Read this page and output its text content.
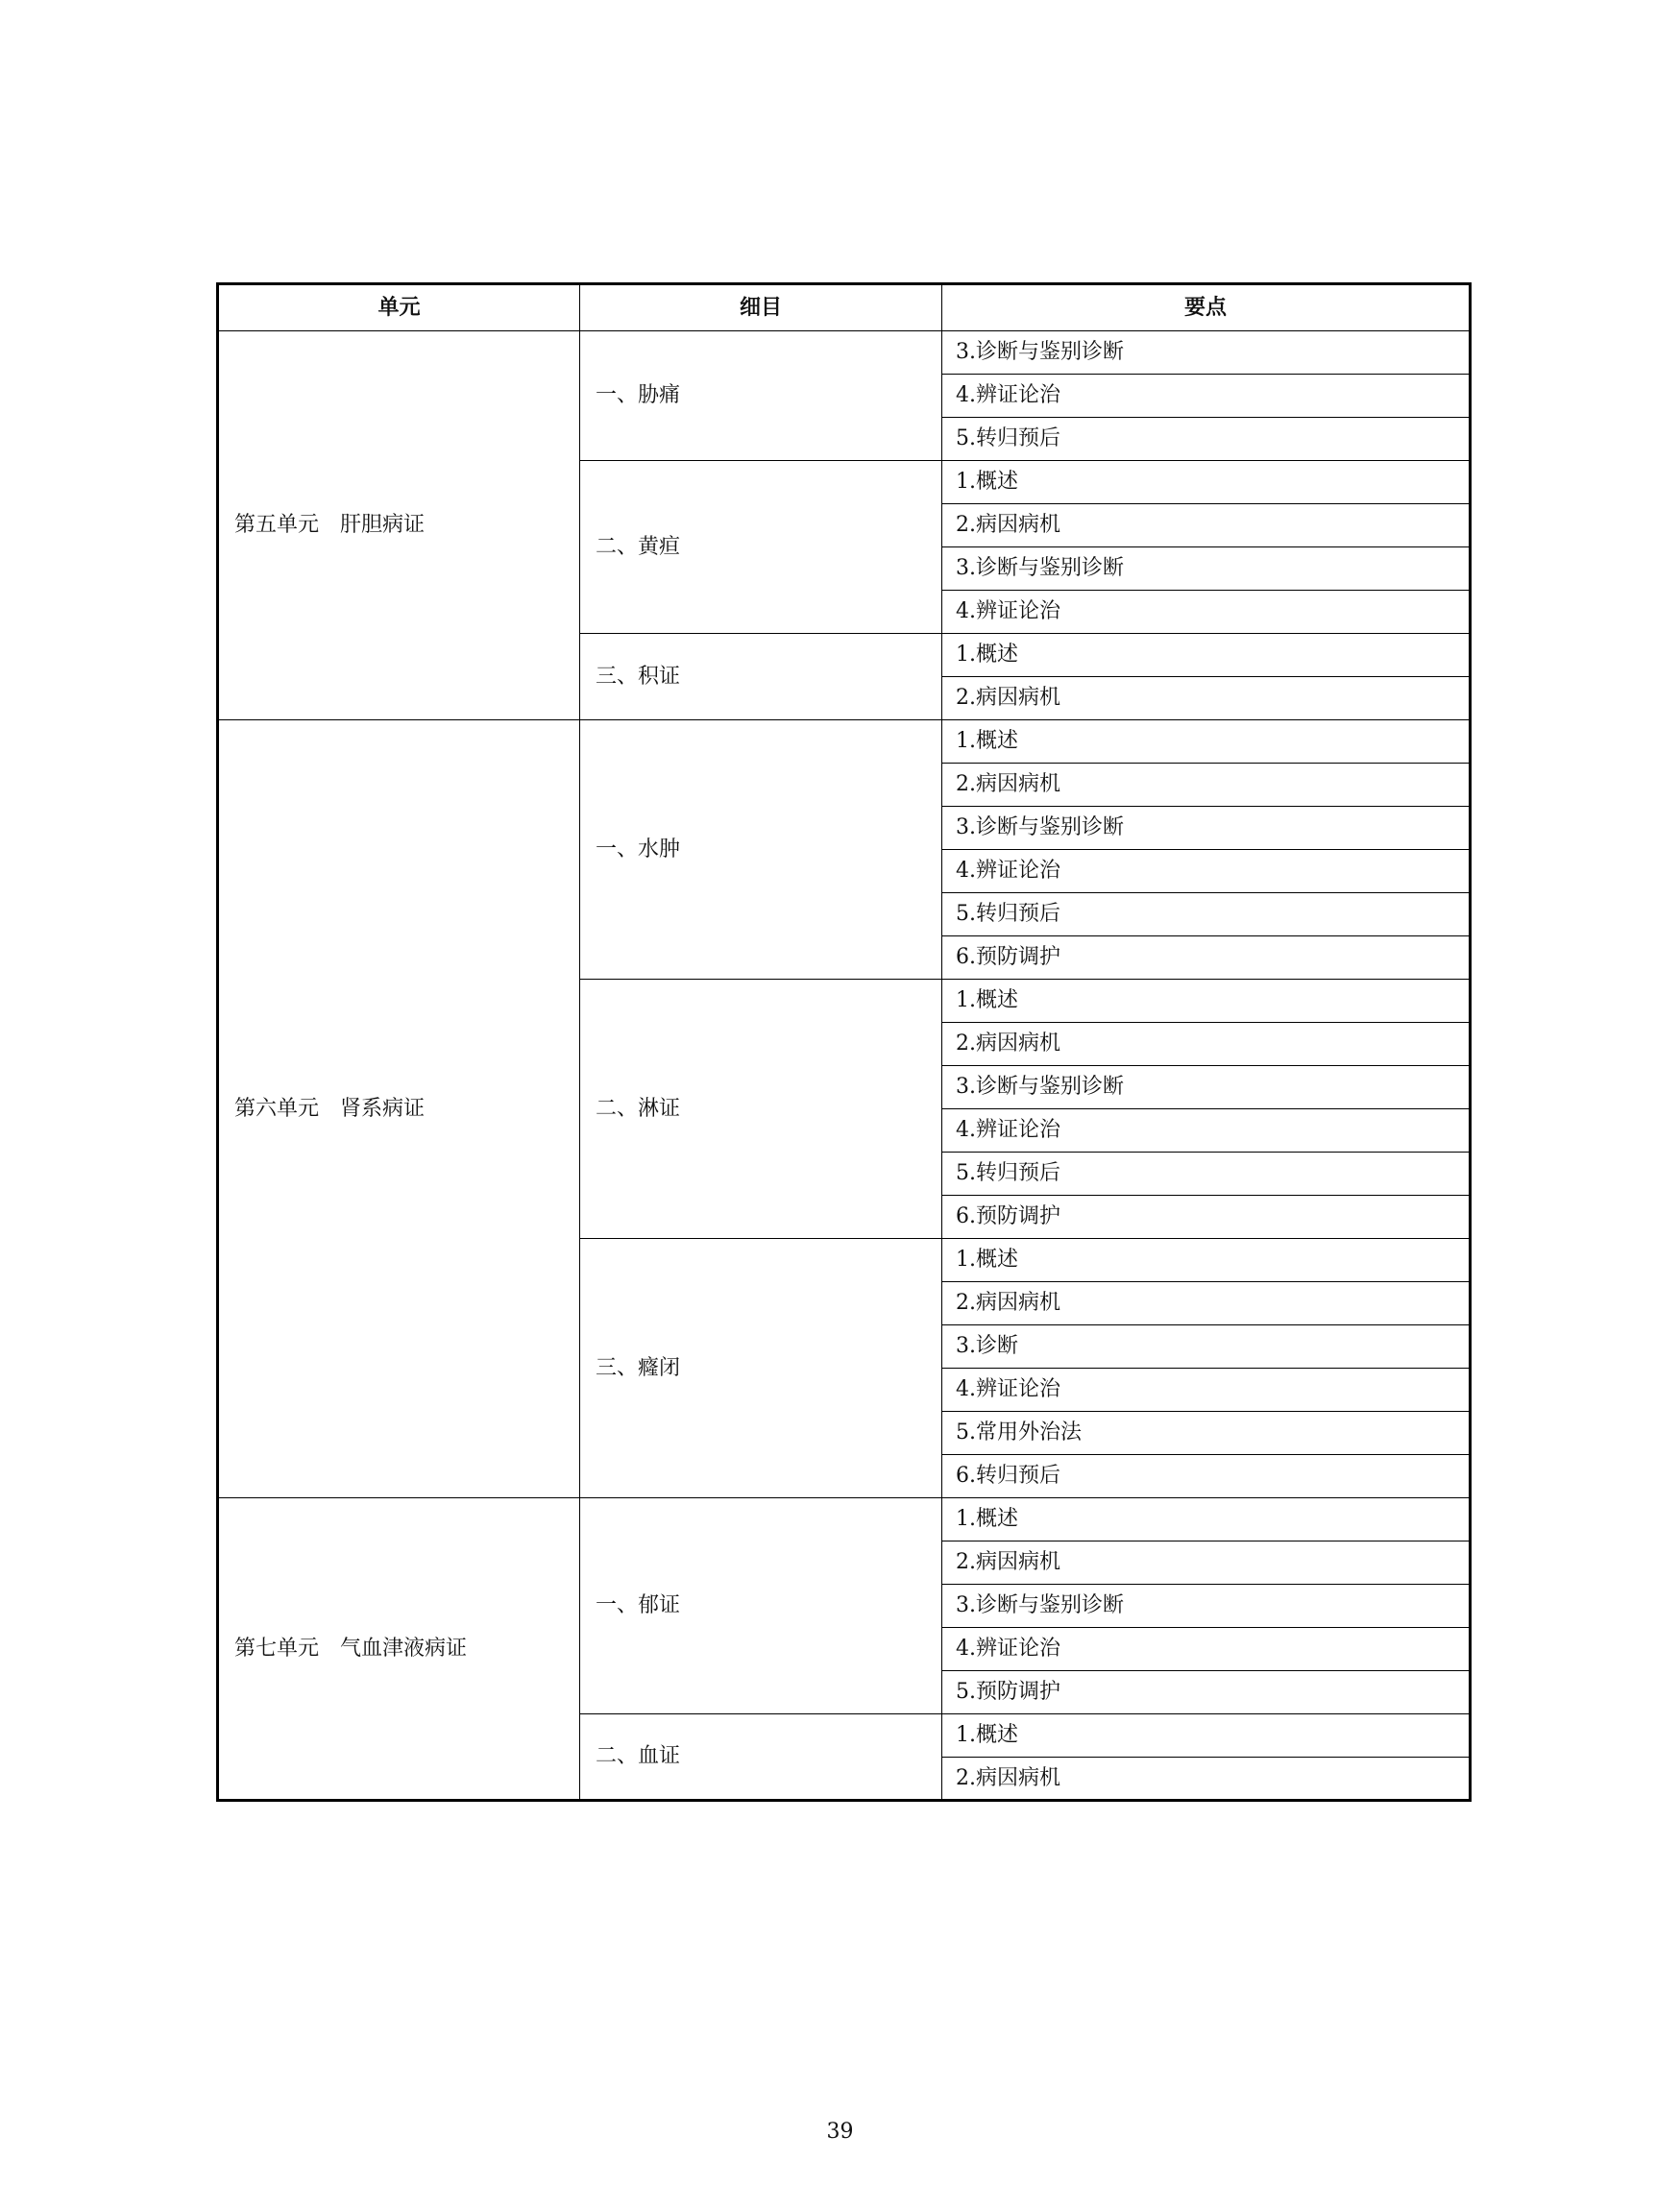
单元	细目	要点
第五单元　肝胆病证	一、胁痛	3.诊断与鉴别诊断
		4.辨证论治
		5.转归预后
	二、黄疸	1.概述
		2.病因病机
		3.诊断与鉴别诊断
		4.辨证论治
	三、积证	1.概述
		2.病因病机
第六单元　肾系病证	一、水肿	1.概述
		2.病因病机
		3.诊断与鉴别诊断
		4.辨证论治
		5.转归预后
		6.预防调护
	二、淋证	1.概述
		2.病因病机
		3.诊断与鉴别诊断
		4.辨证论治
		5.转归预后
		6.预防调护
	三、癃闭	1.概述
		2.病因病机
		3.诊断
		4.辨证论治
		5.常用外治法
		6.转归预后
第七单元　气血津液病证	一、郁证	1.概述
		2.病因病机
		3.诊断与鉴别诊断
		4.辨证论治
		5.预防调护
	二、血证	1.概述
		2.病因病机
39
